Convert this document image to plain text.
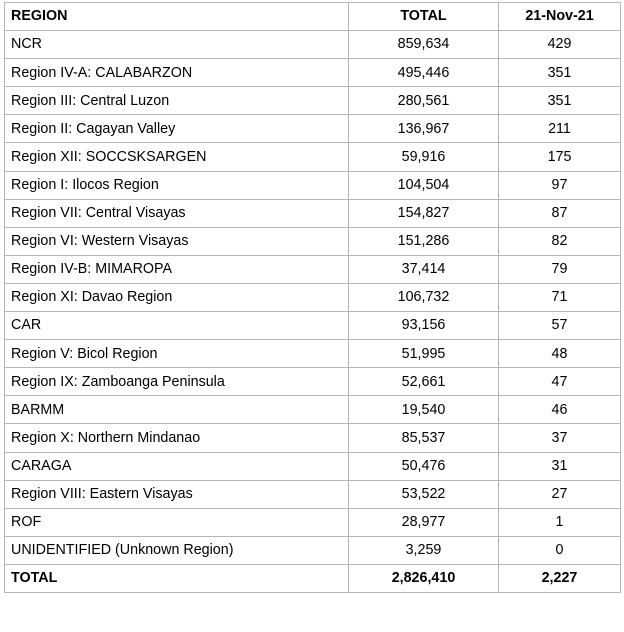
REGION	TOTAL	21-Nov-21
NCR	859,634	429
Region IV-A: CALABARZON	495,446	351
Region III: Central Luzon	280,561	351
Region II: Cagayan Valley	136,967	211
Region XII: SOCCSKSARGEN	59,916	175
Region I: Ilocos Region	104,504	97
Region VII: Central Visayas	154,827	87
Region VI: Western Visayas	151,286	82
Region IV-B: MIMAROPA	37,414	79
Region XI: Davao Region	106,732	71
CAR	93,156	57
Region V: Bicol Region	51,995	48
Region IX: Zamboanga Peninsula	52,661	47
BARMM	19,540	46
Region X: Northern Mindanao	85,537	37
CARAGA	50,476	31
Region VIII: Eastern Visayas	53,522	27
ROF	28,977	1
UNIDENTIFIED (Unknown Region)	3,259	0
TOTAL	2,826,410	2,227
